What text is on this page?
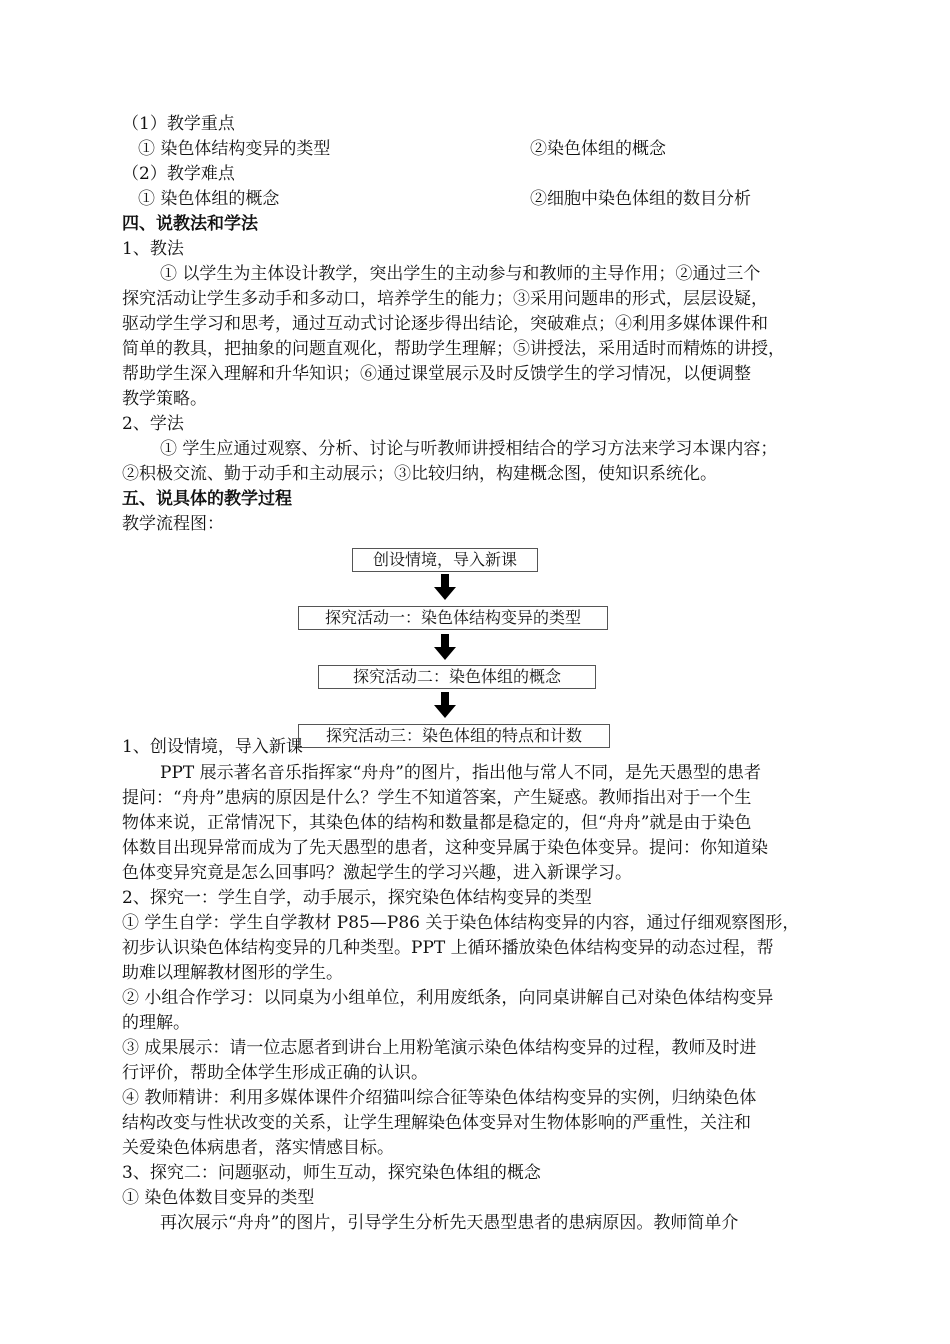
（1）教学重点
① 染色体结构变异的类型	②染色体组的概念
（2）教学难点
① 染色体组的概念	②细胞中染色体组的数目分析
四、说教法和学法
1、教法
① 以学生为主体设计教学，突出学生的主动参与和教师的主导作用；②通过三个
探究活动让学生多动手和多动口，培养学生的能力；③采用问题串的形式，层层设疑，
驱动学生学习和思考，通过互动式讨论逐步得出结论，突破难点；④利用多媒体课件和
简单的教具，把抽象的问题直观化，帮助学生理解；⑤讲授法，采用适时而精炼的讲授，
帮助学生深入理解和升华知识；⑥通过课堂展示及时反馈学生的学习情况，以便调整
教学策略。
2、学法
① 学生应通过观察、分析、讨论与听教师讲授相结合的学习方法来学习本课内容；
②积极交流、勤于动手和主动展示；③比较归纳，构建概念图，使知识系统化。
五、说具体的教学过程
教学流程图：
创设情境，导入新课
探究活动一：染色体结构变异的类型
探究活动二：染色体组的概念
探究活动三：染色体组的特点和计数
1、创设情境，导入新课
PPT 展示著名音乐指挥家“舟舟”的图片，指出他与常人不同，是先天愚型的患者
提问：“舟舟”患病的原因是什么？学生不知道答案，产生疑惑。教师指出对于一个生
物体来说，正常情况下，其染色体的结构和数量都是稳定的，但“舟舟”就是由于染色
体数目出现异常而成为了先天愚型的患者，这种变异属于染色体变异。提问：你知道染
色体变异究竟是怎么回事吗？激起学生的学习兴趣，进入新课学习。
2、探究一：学生自学，动手展示，探究染色体结构变异的类型
① 学生自学：学生自学教材 P85—P86 关于染色体结构变异的内容，通过仔细观察图形，
初步认识染色体结构变异的几种类型。PPT 上循环播放染色体结构变异的动态过程，帮
助难以理解教材图形的学生。
② 小组合作学习：以同桌为小组单位，利用废纸条，向同桌讲解自己对染色体结构变异
的理解。
③ 成果展示：请一位志愿者到讲台上用粉笔演示染色体结构变异的过程，教师及时进
行评价，帮助全体学生形成正确的认识。
④ 教师精讲：利用多媒体课件介绍猫叫综合征等染色体结构变异的实例，归纳染色体
结构改变与性状改变的关系，让学生理解染色体变异对生物体影响的严重性，关注和
关爱染色体病患者，落实情感目标。
3、探究二：问题驱动，师生互动，探究染色体组的概念
① 染色体数目变异的类型
再次展示“舟舟”的图片，引导学生分析先天愚型患者的患病原因。教师简单介
